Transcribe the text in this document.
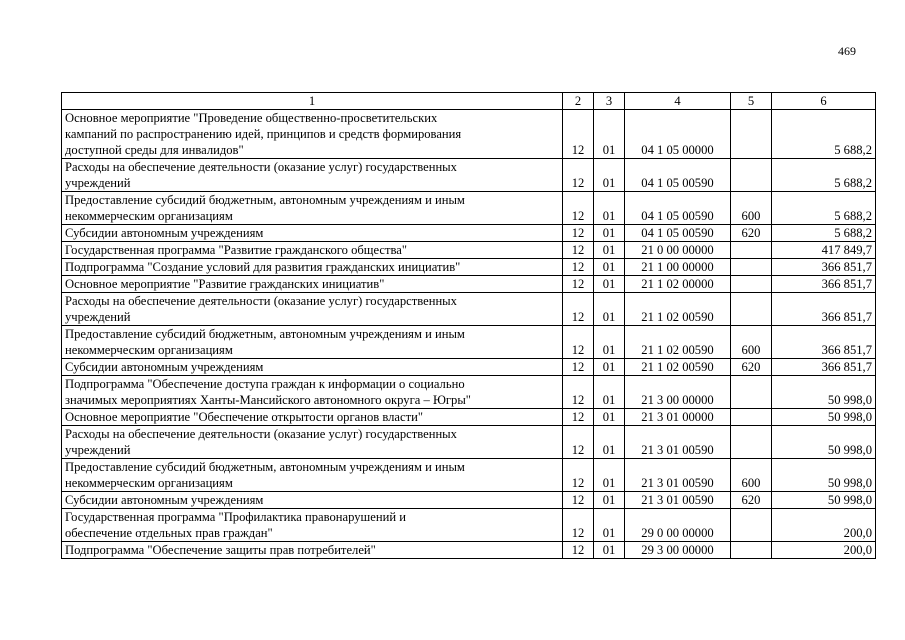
469
1	2	3	4	5	6
Основное мероприятие "Проведение общественно-просветительских
кампаний по распространению идей, принципов и средств формирования
доступной среды для инвалидов"	12	01	04 1 05 00000		5 688,2
Расходы на обеспечение деятельности (оказание услуг) государственных
учреждений	12	01	04 1 05 00590		5 688,2
Предоставление субсидий бюджетным, автономным учреждениям и иным
некоммерческим организациям	12	01	04 1 05 00590	600	5 688,2
Субсидии автономным учреждениям	12	01	04 1 05 00590	620	5 688,2
Государственная программа "Развитие гражданского общества"	12	01	21 0 00 00000		417 849,7
Подпрограмма "Создание условий для развития гражданских инициатив"	12	01	21 1 00 00000		366 851,7
Основное мероприятие "Развитие гражданских инициатив"	12	01	21 1 02 00000		366 851,7
Расходы на обеспечение деятельности (оказание услуг) государственных
учреждений	12	01	21 1 02 00590		366 851,7
Предоставление субсидий бюджетным, автономным учреждениям и иным
некоммерческим организациям	12	01	21 1 02 00590	600	366 851,7
Субсидии автономным учреждениям	12	01	21 1 02 00590	620	366 851,7
Подпрограмма "Обеспечение доступа граждан к информации о социально
значимых мероприятиях Ханты-Мансийского автономного округа – Югры"	12	01	21 3 00 00000		50 998,0
Основное мероприятие "Обеспечение открытости органов власти"	12	01	21 3 01 00000		50 998,0
Расходы на обеспечение деятельности (оказание услуг) государственных
учреждений	12	01	21 3 01 00590		50 998,0
Предоставление субсидий бюджетным, автономным учреждениям и иным
некоммерческим организациям	12	01	21 3 01 00590	600	50 998,0
Субсидии автономным учреждениям	12	01	21 3 01 00590	620	50 998,0
Государственная программа "Профилактика правонарушений и
обеспечение отдельных прав граждан"	12	01	29 0 00 00000		200,0
Подпрограмма "Обеспечение защиты прав потребителей"	12	01	29 3 00 00000		200,0
